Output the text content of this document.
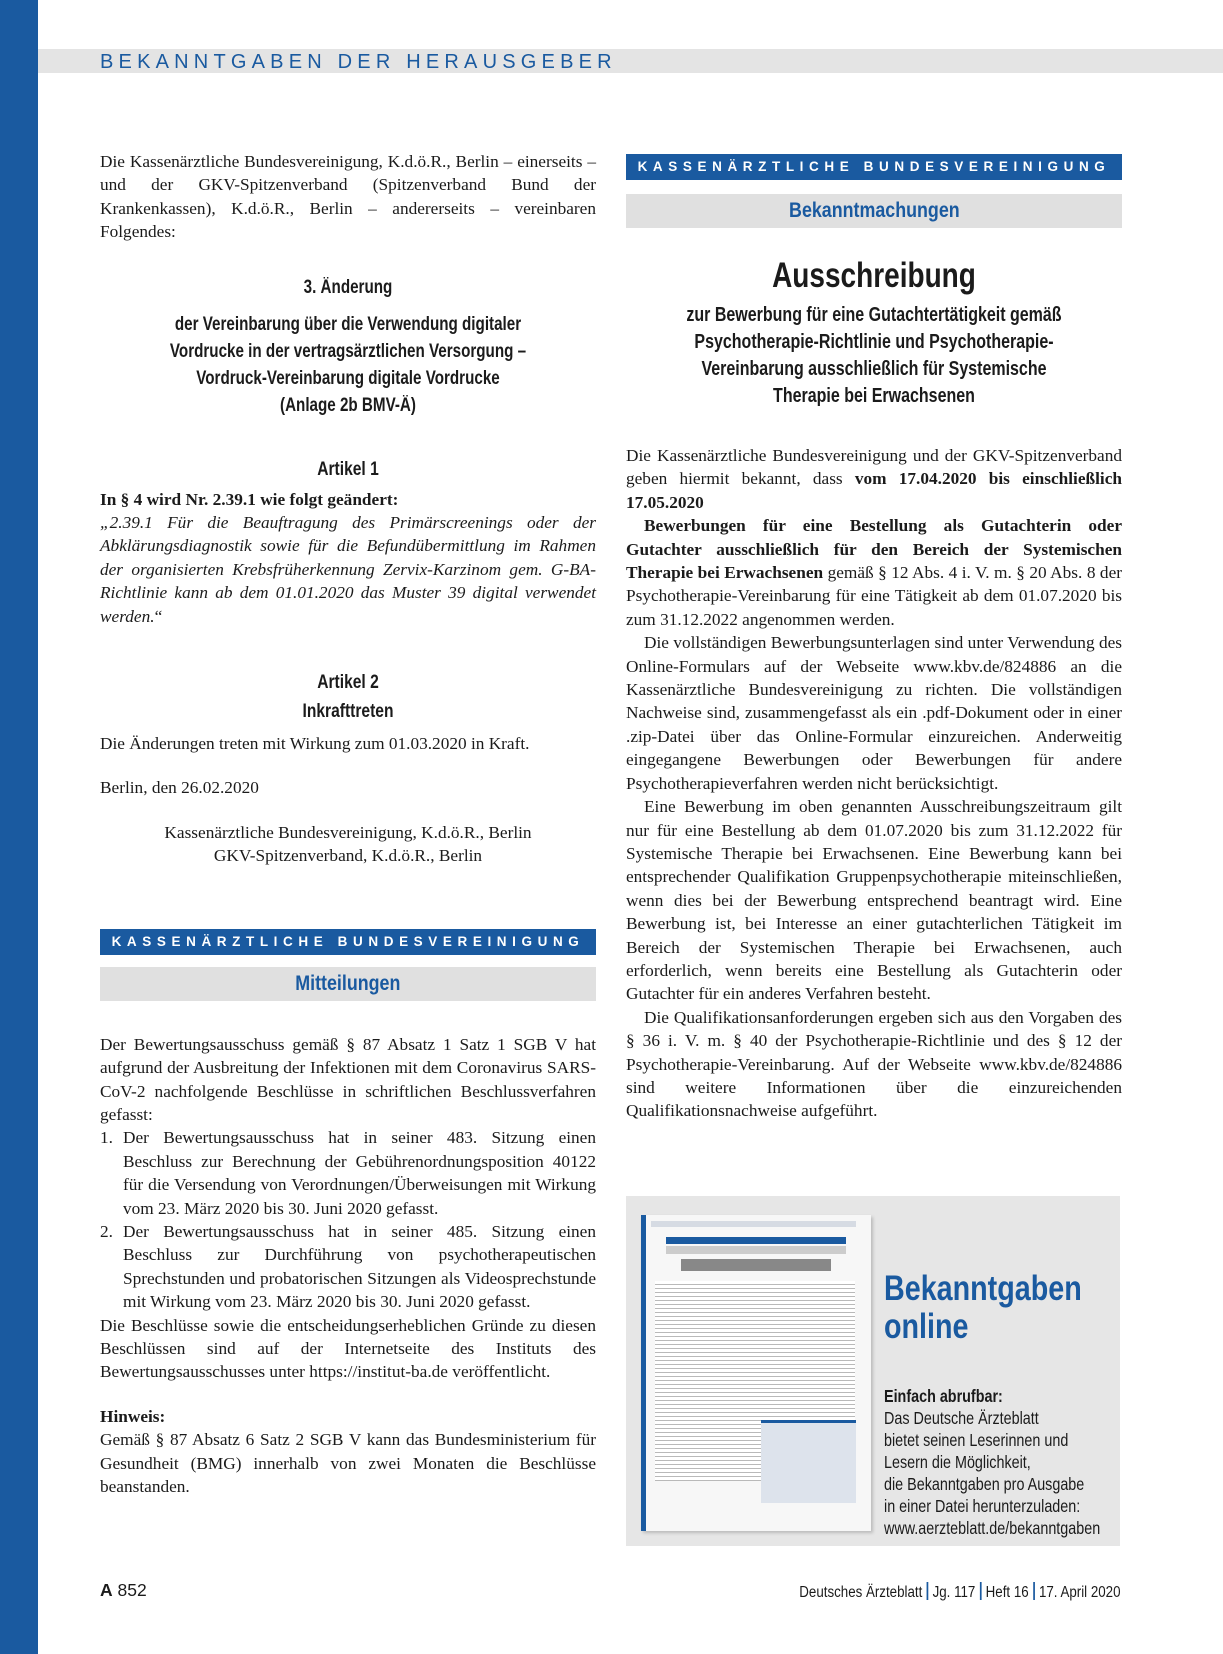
BEKANNTGABEN DER HERAUSGEBER

Die Kassenärztliche Bundesvereinigung, K.d.ö.R., Berlin – einerseits – und der GKV-Spitzenverband (Spitzenverband Bund der Krankenkassen), K.d.ö.R., Berlin – andererseits – vereinbaren Folgendes:

3. Änderung
der Vereinbarung über die Verwendung digitaler Vordrucke in der vertragsärztlichen Versorgung – Vordruck-Vereinbarung digitale Vordrucke
(Anlage 2b BMV-Ä)
Artikel 1

In § 4 wird Nr. 2.39.1 wie folgt geändert:

„2.39.1 Für die Beauftragung des Primärscreenings oder der Abklärungsdiagnostik sowie für die Befundübermittlung im Rahmen der organisierten Krebsfrüherkennung Zervix-Karzinom gem. G-BA-Richtlinie kann ab dem 01.01.2020 das Muster 39 digital verwendet werden.“

Artikel 2
Inkrafttreten

Die Änderungen treten mit Wirkung zum 01.03.2020 in Kraft.

Berlin, den 26.02.2020

Kassenärztliche Bundesvereinigung, K.d.ö.R., Berlin

GKV-Spitzenverband, K.d.ö.R., Berlin

KASSENÄRZTLICHE BUNDESVEREINIGUNG
Mitteilungen

Der Bewertungsausschuss gemäß § 87 Absatz 1 Satz 1 SGB V hat aufgrund der Ausbreitung der Infektionen mit dem Coronavirus SARS-CoV-2 nachfolgende Beschlüsse in schriftlichen Beschlussverfahren gefasst:

1. Der Bewertungsausschuss hat in seiner 483. Sitzung einen Beschluss zur Berechnung der Gebührenordnungsposition 40122 für die Versendung von Verordnungen/Überweisungen mit Wirkung vom 23. März 2020 bis 30. Juni 2020 gefasst.
2. Der Bewertungsausschuss hat in seiner 485. Sitzung einen Beschluss zur Durchführung von psychotherapeutischen Sprechstunden und probatorischen Sitzungen als Videosprechstunde mit Wirkung vom 23. März 2020 bis 30. Juni 2020 gefasst.

Die Beschlüsse sowie die entscheidungserheblichen Gründe zu diesen Beschlüssen sind auf der Internetseite des Instituts des Bewertungsausschusses unter https://institut-ba.de veröffentlicht.

Hinweis:

Gemäß § 87 Absatz 6 Satz 2 SGB V kann das Bundesministerium für Gesundheit (BMG) innerhalb von zwei Monaten die Beschlüsse beanstanden.

KASSENÄRZTLICHE BUNDESVEREINIGUNG
Bekanntmachungen
Ausschreibung
zur Bewerbung für eine Gutachtertätigkeit gemäß Psychotherapie-Richtlinie und Psychotherapie-Vereinbarung ausschließlich für Systemische Therapie bei Erwachsenen

Die Kassenärztliche Bundesvereinigung und der GKV-Spitzenverband geben hiermit bekannt, dass vom 17.04.2020 bis einschließlich 17.05.2020

Bewerbungen für eine Bestellung als Gutachterin oder Gutachter ausschließlich für den Bereich der Systemischen Therapie bei Erwachsenen gemäß § 12 Abs. 4 i. V. m. § 20 Abs. 8 der Psychotherapie-Vereinbarung für eine Tätigkeit ab dem 01.07.2020 bis zum 31.12.2022 angenommen werden.

Die vollständigen Bewerbungsunterlagen sind unter Verwendung des Online-Formulars auf der Webseite www.kbv.de/824886 an die Kassenärztliche Bundesvereinigung zu richten. Die vollständigen Nachweise sind, zusammengefasst als ein .pdf-Dokument oder in einer .zip-Datei über das Online-Formular einzureichen. Anderweitig eingegangene Bewerbungen oder Bewerbungen für andere Psychotherapieverfahren werden nicht berücksichtigt.

Eine Bewerbung im oben genannten Ausschreibungszeitraum gilt nur für eine Bestellung ab dem 01.07.2020 bis zum 31.12.2022 für Systemische Therapie bei Erwachsenen. Eine Bewerbung kann bei entsprechender Qualifikation Gruppenpsychotherapie miteinschließen, wenn dies bei der Bewerbung entsprechend beantragt wird. Eine Bewerbung ist, bei Interesse an einer gutachterlichen Tätigkeit im Bereich der Systemischen Therapie bei Erwachsenen, auch erforderlich, wenn bereits eine Bestellung als Gutachterin oder Gutachter für ein anderes Verfahren besteht.

Die Qualifikationsanforderungen ergeben sich aus den Vorgaben des § 36 i. V. m. § 40 der Psychotherapie-Richtlinie und des § 12 der Psychotherapie-Vereinbarung. Auf der Webseite www.kbv.de/824886 sind weitere Informationen über die einzureichenden Qualifikationsnachweise aufgeführt.

Bekanntgaben
online
Einfach abrufbar:
Das Deutsche Ärzteblatt
bietet seinen Leserinnen und
Lesern die Möglichkeit,
die Bekanntgaben pro Ausgabe
in einer Datei herunterzuladen:
www.aerzteblatt.de/bekanntgaben
A 852	Deutsches Ärzteblatt Jg. 117 Heft 16 17. April 2020
